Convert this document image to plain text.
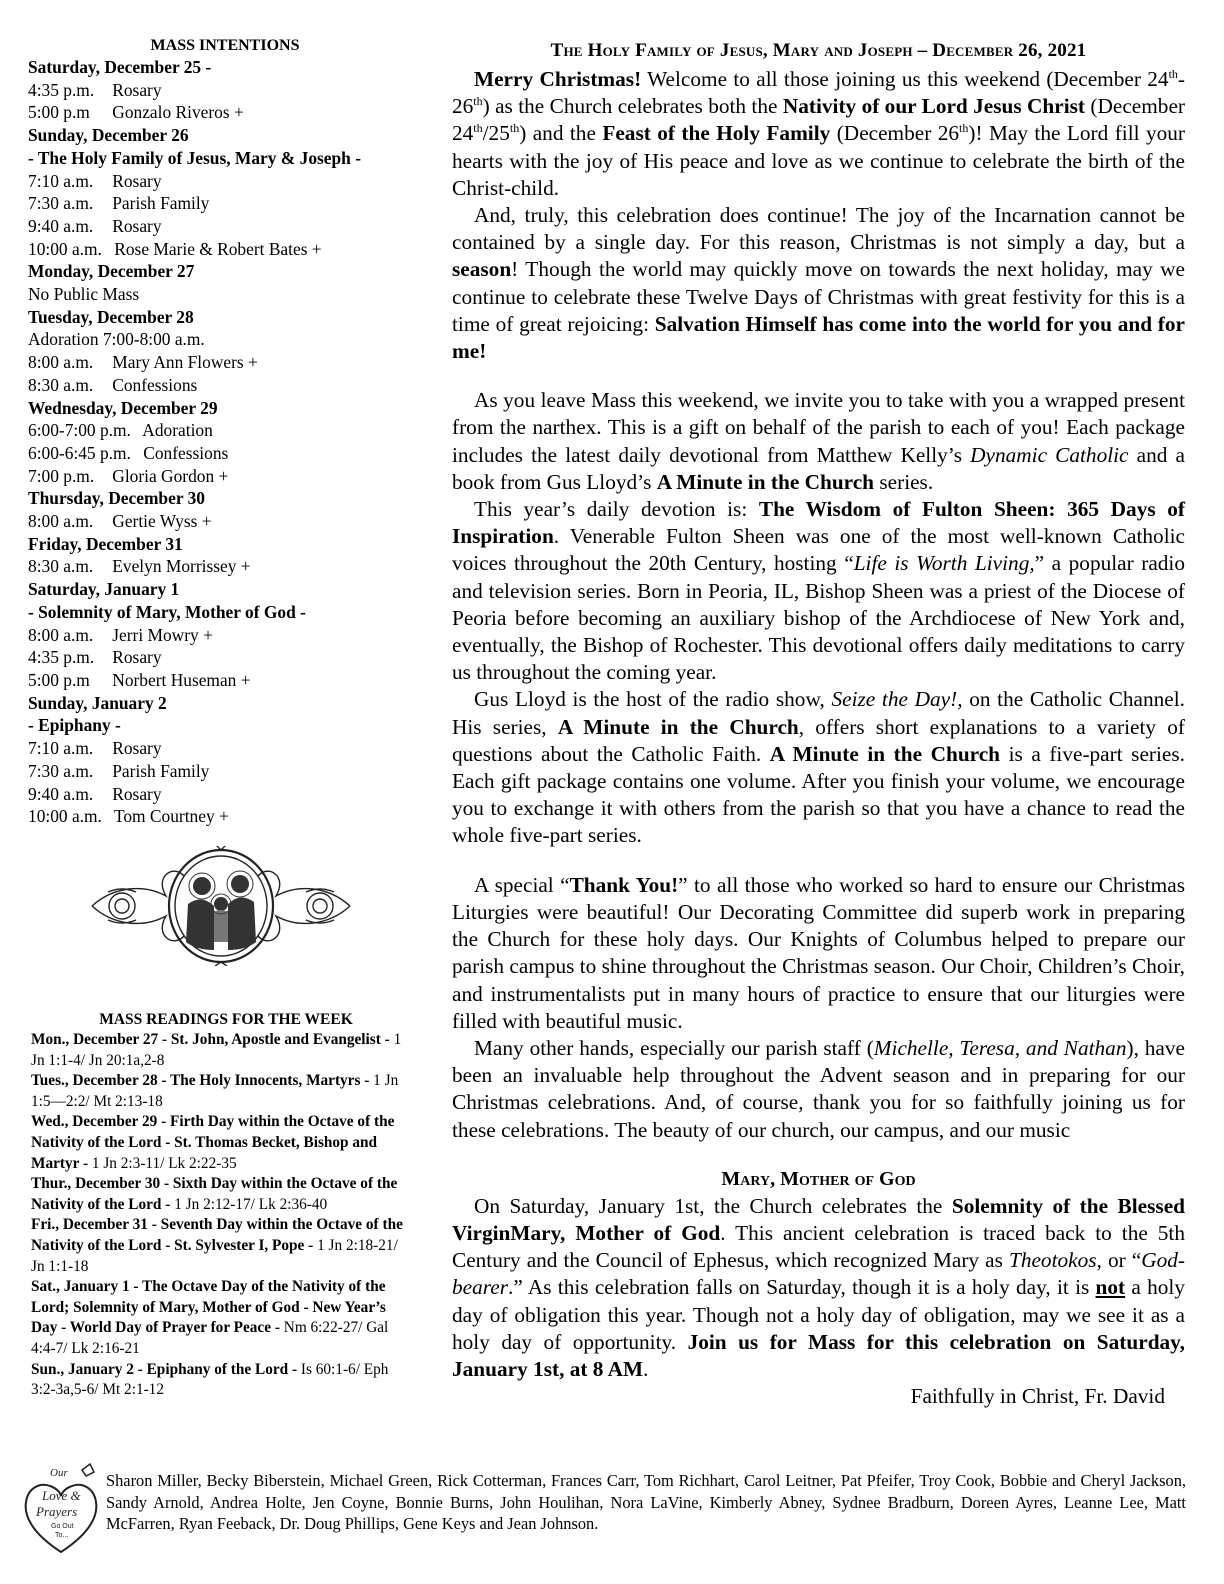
MASS INTENTIONS
Saturday, December 25 -
4:35 p.m. Rosary
5:00 p.m Gonzalo Riveros +
Sunday, December 26
- The Holy Family of Jesus, Mary & Joseph -
7:10 a.m. Rosary
7:30 a.m. Parish Family
9:40 a.m. Rosary
10:00 a.m. Rose Marie & Robert Bates +
Monday, December 27
No Public Mass
Tuesday, December 28
Adoration 7:00-8:00 a.m.
8:00 a.m. Mary Ann Flowers +
8:30 a.m. Confessions
Wednesday, December 29
6:00-7:00 p.m. Adoration
6:00-6:45 p.m. Confessions
7:00 p.m. Gloria Gordon +
Thursday, December 30
8:00 a.m. Gertie Wyss +
Friday, December 31
8:30 a.m. Evelyn Morrissey +
Saturday, January 1
- Solemnity of Mary, Mother of God -
8:00 a.m. Jerri Mowry +
4:35 p.m. Rosary
5:00 p.m Norbert Huseman +
Sunday, January 2
- Epiphany -
7:10 a.m. Rosary
7:30 a.m. Parish Family
9:40 a.m. Rosary
10:00 a.m. Tom Courtney +
MASS READINGS FOR THE WEEK

Mon., December 27 - St. John, Apostle and Evangelist - 1 Jn 1:1-4/ Jn 20:1a,2-8

Tues., December 28 - The Holy Innocents, Martyrs - 1 Jn 1:5—2:2/ Mt 2:13-18

Wed., December 29 - Firth Day within the Octave of the Nativity of the Lord - St. Thomas Becket, Bishop and Martyr - 1 Jn 2:3-11/ Lk 2:22-35

Thur., December 30 - Sixth Day within the Octave of the Nativity of the Lord - 1 Jn 2:12-17/ Lk 2:36-40

Fri., December 31 - Seventh Day within the Octave of the Nativity of the Lord - St. Sylvester I, Pope - 1 Jn 2:18-21/ Jn 1:1-18

Sat., January 1 - The Octave Day of the Nativity of the Lord; Solemnity of Mary, Mother of God - New Year’s Day - World Day of Prayer for Peace - Nm 6:22-27/ Gal 4:4-7/ Lk 2:16-21

Sun., January 2 - Epiphany of the Lord - Is 60:1-6/ Eph 3:2-3a,5-6/ Mt 2:1-12

The Holy Family of Jesus, Mary and Joseph – December 26, 2021

Merry Christmas! Welcome to all those joining us this weekend (December 24th-26th) as the Church celebrates both the Nativity of our Lord Jesus Christ (December 24th/25th) and the Feast of the Holy Family (December 26th)! May the Lord fill your hearts with the joy of His peace and love as we continue to celebrate the birth of the Christ-child.

And, truly, this celebration does continue! The joy of the Incarnation cannot be contained by a single day. For this reason, Christmas is not simply a day, but a season! Though the world may quickly move on towards the next holiday, may we continue to celebrate these Twelve Days of Christmas with great festivity for this is a time of great rejoicing: Salvation Himself has come into the world for you and for me!

As you leave Mass this weekend, we invite you to take with you a wrapped present from the narthex. This is a gift on behalf of the parish to each of you! Each package includes the latest daily devotional from Matthew Kelly’s Dynamic Catholic and a book from Gus Lloyd’s A Minute in the Church series.

This year’s daily devotion is: The Wisdom of Fulton Sheen: 365 Days of Inspiration. Venerable Fulton Sheen was one of the most well-known Catholic voices throughout the 20th Century, hosting “Life is Worth Living,” a popular radio and television series. Born in Peoria, IL, Bishop Sheen was a priest of the Diocese of Peoria before becoming an auxiliary bishop of the Archdiocese of New York and, eventually, the Bishop of Rochester. This devotional offers daily meditations to carry us throughout the coming year.

Gus Lloyd is the host of the radio show, Seize the Day!, on the Catholic Channel. His series, A Minute in the Church, offers short explanations to a variety of questions about the Catholic Faith. A Minute in the Church is a five-part series. Each gift package contains one volume. After you finish your volume, we encourage you to exchange it with others from the parish so that you have a chance to read the whole five-part series.

A special “Thank You!” to all those who worked so hard to ensure our Christmas Liturgies were beautiful! Our Decorating Committee did superb work in preparing the Church for these holy days. Our Knights of Columbus helped to prepare our parish campus to shine throughout the Christmas season. Our Choir, Children’s Choir, and instrumentalists put in many hours of practice to ensure that our liturgies were filled with beautiful music.

Many other hands, especially our parish staff (Michelle, Teresa, and Nathan), have been an invaluable help throughout the Advent season and in preparing for our Christmas celebrations. And, of course, thank you for so faithfully joining us for these celebrations. The beauty of our church, our campus, and our music

Mary, Mother of God

On Saturday, January 1st, the Church celebrates the Solemnity of the Blessed VirginMary, Mother of God. This ancient celebration is traced back to the 5th Century and the Council of Ephesus, which recognized Mary as Theotokos, or “God-bearer.” As this celebration falls on Saturday, though it is a holy day, it is not a holy day of obligation this year. Though not a holy day of obligation, may we see it as a holy day of opportunity. Join us for Mass for this celebration on Saturday, January 1st, at 8 AM.

Faithfully in Christ, Fr. David
Our
Love &
Prayers
Go Out
To...
Sharon Miller, Becky Biberstein, Michael Green, Rick Cotterman, Frances Carr, Tom Richhart, Carol Leitner, Pat Pfeifer, Troy Cook, Bobbie and Cheryl Jackson, Sandy Arnold, Andrea Holte, Jen Coyne, Bonnie Burns, John Houlihan, Nora LaVine, Kimberly Abney, Sydnee Bradburn, Doreen Ayres, Leanne Lee, Matt McFarren, Ryan Feeback, Dr. Doug Phillips, Gene Keys and Jean Johnson.
